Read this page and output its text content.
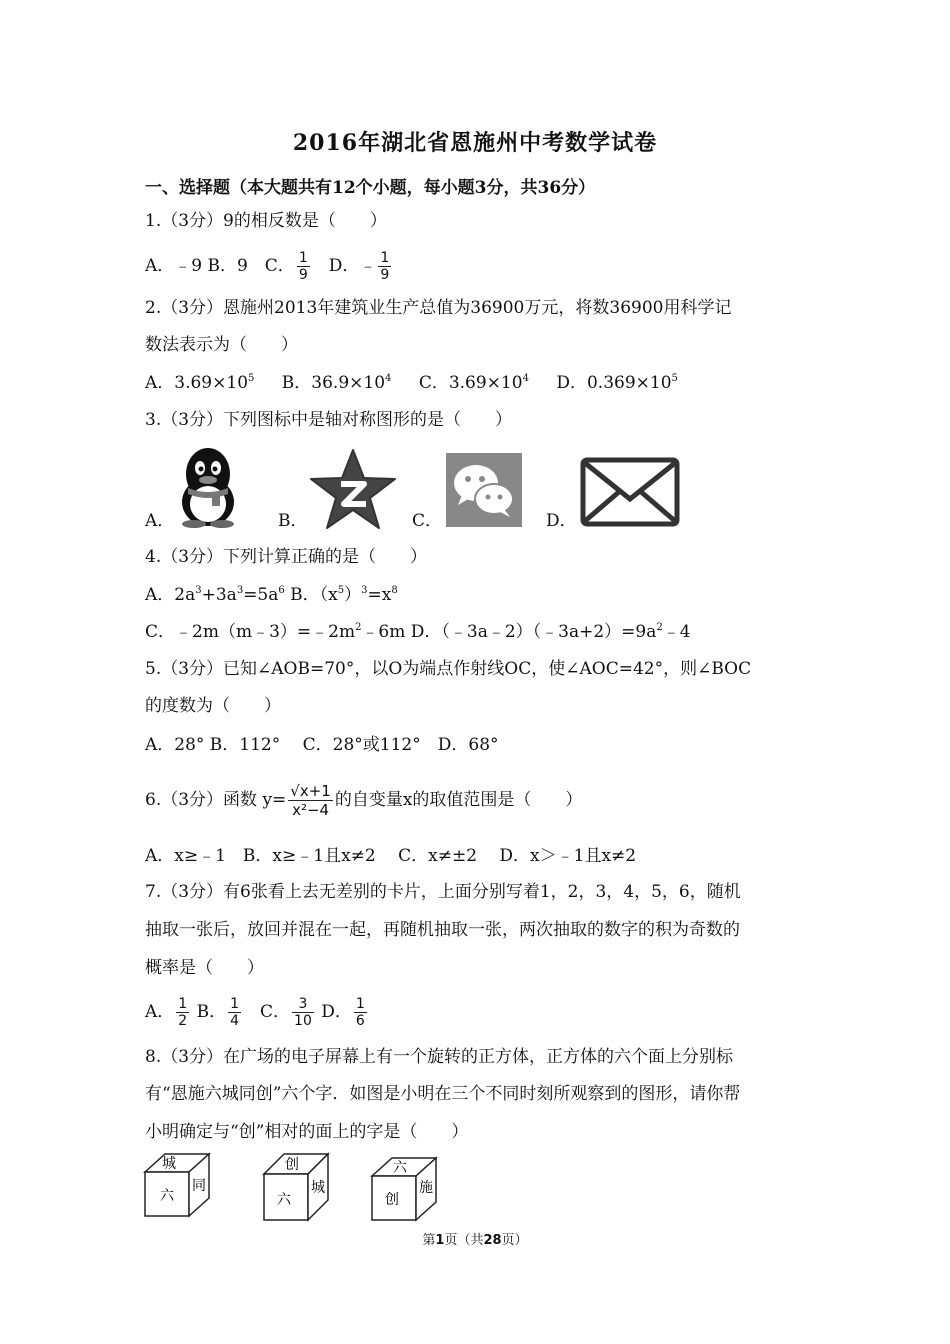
2016年湖北省恩施州中考数学试卷
一、选择题（本大题共有12个小题，每小题3分，共36分）
1.（3分）9的相反数是（　　）
A．﹣9 B．9　C． $\frac{1}{9}$ 　D．﹣ $\frac{1}{9}$
2.（3分）恩施州2013年建筑业生产总值为36900万元，将数36900用科学记
数法表示为（　　）
A．$3.69\times 10^5$ B．$36.9\times 10^4$ C．$3.69\times 10^4$ D．$0.369\times 10^5$
3.（3分）下列图标中是轴对称图形的是（　　）
A．	B．	C．	D．
4.（3分）下列计算正确的是（　　）
A．$2a^3+3a^3=5a^6$ B．$(x^5)^3=x^8$
C．$﹣2m(m﹣3)=﹣2m^2﹣6m$ D．$(﹣3a﹣2)(﹣3a+2)=9a^2﹣4$
5.（3分）已知∠AOB=70°，以O为端点作射线OC，使∠AOC=42°，则∠BOC
的度数为（　　）
A．28° B．112°　 C．28°或112°　D．68°
6.（3分）函数 $y= \frac{√x+1}{\text{x²−4}}$ 的自变量x的取值范围是（　　）
A．x≥﹣1　B．x≥﹣1且x≠2　 C．x≠±2　 D．x＞﹣1且x≠2
7.（3分）有6张看上去无差别的卡片，上面分别写着1，2，3，4，5，6，随机
抽取一张后，放回并混在一起，再随机抽取一张，两次抽取的数字的积为奇数的
概率是（　　）
A． $\frac{1}{2}$ B． $\frac{1}{4}$ 　C． $\frac{3}{10}$ D． $\frac{1}{6}$
8.（3分）在广场的电子屏幕上有一个旋转的正方体，正方体的六个面上分别标
有“恩施六城同创”六个字．如图是小明在三个不同时刻所观察到的图形，请你帮
小明确定与“创”相对的面上的字是（　　）
城
六
同
创
六
城
六
创
施
第1页（共28页）
